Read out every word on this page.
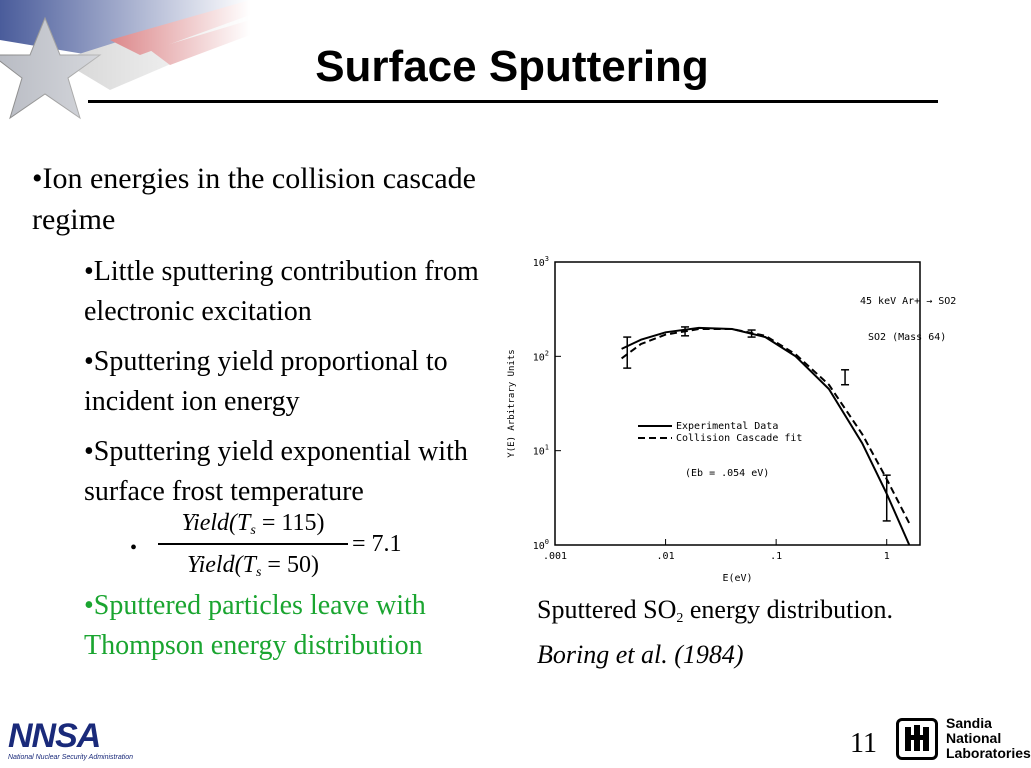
Surface Sputtering
•Ion energies in the collision cascade regime
•Little sputtering contribution from electronic excitation
•Sputtering yield proportional to incident ion energy
•Sputtering yield exponential with surface frost temperature
•
$Yield(T_s = 115)$
$Yield(T_s = 50)$
= 7.1
•Sputtered particles leave with Thompson energy distribution
.001	.01	.1	1
$10^0$
$10^1$
$10^2$
$10^3$
E(eV)
Y(E) Arbitrary Units
45 keV Ar+ → SO2
SO2 (Mass 64)
(Eb = .054 eV)
Experimental Data
Collision Cascade fit
Sputtered $SO_2$ energy distribution.
Boring et al. (1984)
NNSA
National Nuclear Security Administration	11
Sandia
National
Laboratories
